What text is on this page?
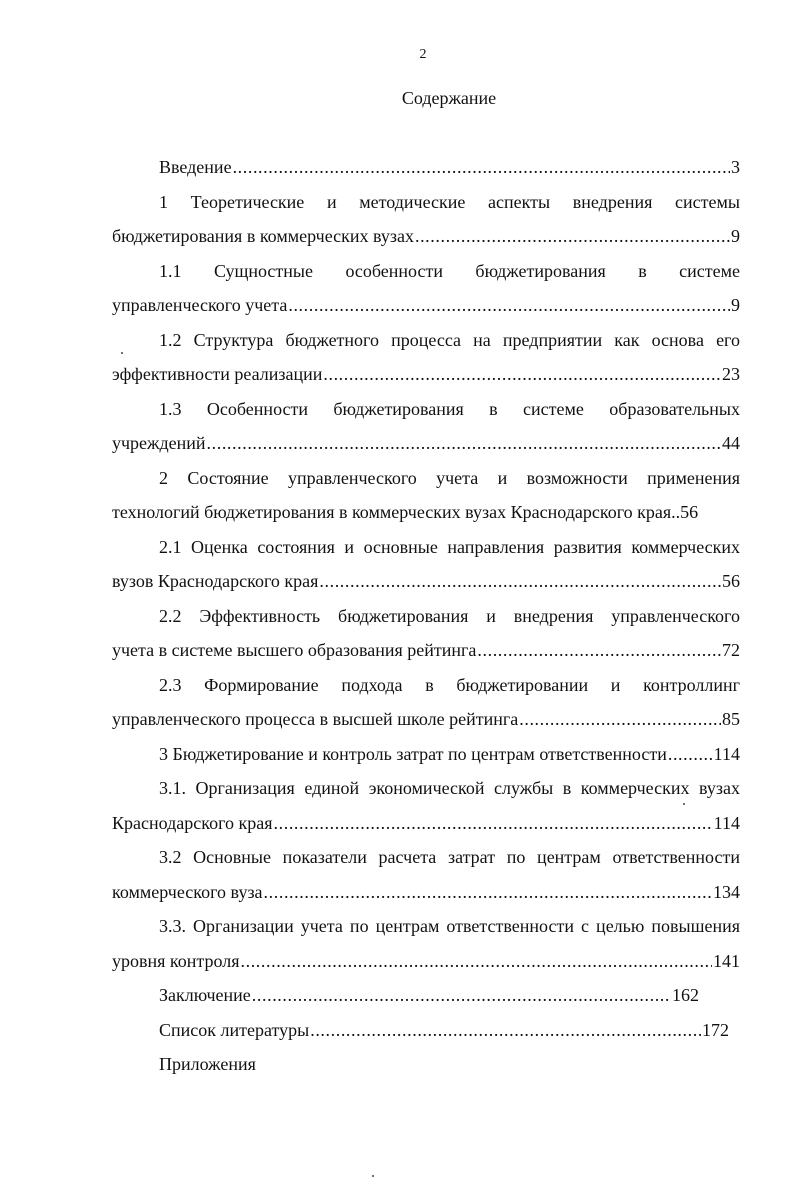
2
Содержание
Введение .....	3
1 Теоретические и методические аспекты внедрения системы
бюджетирования в коммерческих вузах .....	9
1.1 Сущностные особенности бюджетирования в системе
управленческого учета .....	9
1.2 Структура бюджетного процесса на предприятии как основа его
эффективности реализации .....	23
1.3 Особенности бюджетирования в системе образовательных
учреждений .....	44
2 Состояние управленческого учета и возможности применения
технологий бюджетирования в коммерческих вузах Краснодарского края .. 56
2.1 Оценка состояния и основные направления развития коммерческих
вузов Краснодарского края .....	56
2.2 Эффективность бюджетирования и внедрения управленческого
учета в системе высшего образования рейтинга .....	72
2.3 Формирование подхода в бюджетировании и контроллинг
управленческого процесса в высшей школе рейтинга .....	85
3 Бюджетирование и контроль затрат по центрам ответственности .....	114
3.1. Организация единой экономической службы в коммерческих вузах
Краснодарского края .....	114
3.2 Основные показатели расчета затрат по центрам ответственности
коммерческого вуза .....	134
3.3. Организации учета по центрам ответственности с целью повышения
уровня контроля .....	141
Заключение .....	162
Список литературы .....	172
Приложения
